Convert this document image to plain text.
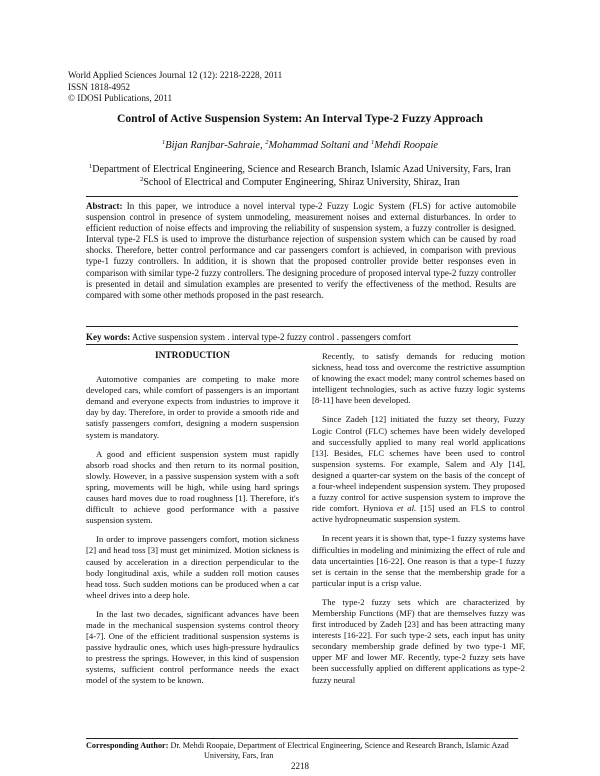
World Applied Sciences Journal 12 (12): 2218-2228, 2011
ISSN 1818-4952
© IDOSI Publications, 2011
Control of Active Suspension System: An Interval Type-2 Fuzzy Approach
$^1$Bijan Ranjbar-Sahraie, $^2$Mohammad Soltani and $^1$Mehdi Roopaie
$^1$Department of Electrical Engineering, Science and Research Branch, Islamic Azad University, Fars, Iran
$^2$School of Electrical and Computer Engineering, Shiraz University, Shiraz, Iran
Abstract: In this paper, we introduce a novel interval type-2 Fuzzy Logic System (FLS) for active automobile suspension control in presence of system unmodeling, measurement noises and external disturbances. In order to efficient reduction of noise effects and improving the reliability of suspension system, a fuzzy controller is designed. Interval type-2 FLS is used to improve the disturbance rejection of suspension system which can be caused by road shocks. Therefore, better control performance and car passengers comfort is achieved, in comparison with previous type-1 fuzzy controllers. In addition, it is shown that the proposed controller provide better responses even in comparison with similar type-2 fuzzy controllers. The designing procedure of proposed interval type-2 fuzzy controller is presented in detail and simulation examples are presented to verify the effectiveness of the method. Results are compared with some other methods proposed in the past research.
Key words: Active suspension system . interval type-2 fuzzy control . passengers comfort
INTRODUCTION

Automotive companies are competing to make more developed cars, while comfort of passengers is an important demand and everyone expects from industries to improve it day by day. Therefore, in order to provide a smooth ride and satisfy passengers comfort, designing a modern suspension system is mandatory.

A good and efficient suspension system must rapidly absorb road shocks and then return to its normal position, slowly. However, in a passive suspension system with a soft spring, movements will be high, while using hard springs causes hard moves due to road roughness [1]. Therefore, it's difficult to achieve good performance with a passive suspension system.

In order to improve passengers comfort, motion sickness [2] and head toss [3] must get minimized. Motion sickness is caused by acceleration in a direction perpendicular to the body longitudinal axis, while a sudden roll motion causes head toss. Such sudden motions can be produced when a car wheel drives into a deep hole.

In the last two decades, significant advances have been made in the mechanical suspension systems control theory [4-7]. One of the efficient traditional suspension systems is passive hydraulic ones, which uses high-pressure hydraulics to prestress the springs. However, in this kind of suspension systems, sufficient control performance needs the exact model of the system to be known.

Recently, to satisfy demands for reducing motion sickness, head toss and overcome the restrictive assumption of knowing the exact model; many control schemes based on intelligent technologies, such as active fuzzy logic systems [8-11] have been developed.

Since Zadeh [12] initiated the fuzzy set theory, Fuzzy Logic Control (FLC) schemes have been widely developed and successfully applied to many real world applications [13]. Besides, FLC schemes have been used to control suspension systems. For example, Salem and Aly [14], designed a quarter-car system on the basis of the concept of a four-wheel independent suspension system. They proposed a fuzzy control for active suspension system to improve the ride comfort. Hyniova et al. [15] used an FLS to control active hydropneumatic suspension system.

In recent years it is shown that, type-1 fuzzy systems have difficulties in modeling and minimizing the effect of rule and data uncertainties [16-22]. One reason is that a type-1 fuzzy set is certain in the sense that the membership grade for a particular input is a crisp value.

The type-2 fuzzy sets which are characterized by Membership Functions (MF) that are themselves fuzzy was first introduced by Zadeh [23] and has been attracting many interests [16-22]. For such type-2 sets, each input has unity secondary membership grade defined by two type-1 MF, upper MF and lower MF. Recently, type-2 fuzzy sets have been successfully applied on different applications as type-2 fuzzy neural

Corresponding Author: Dr. Mehdi Roopaie, Department of Electrical Engineering, Science and Research Branch, Islamic Azad
University, Fars, Iran
2218
